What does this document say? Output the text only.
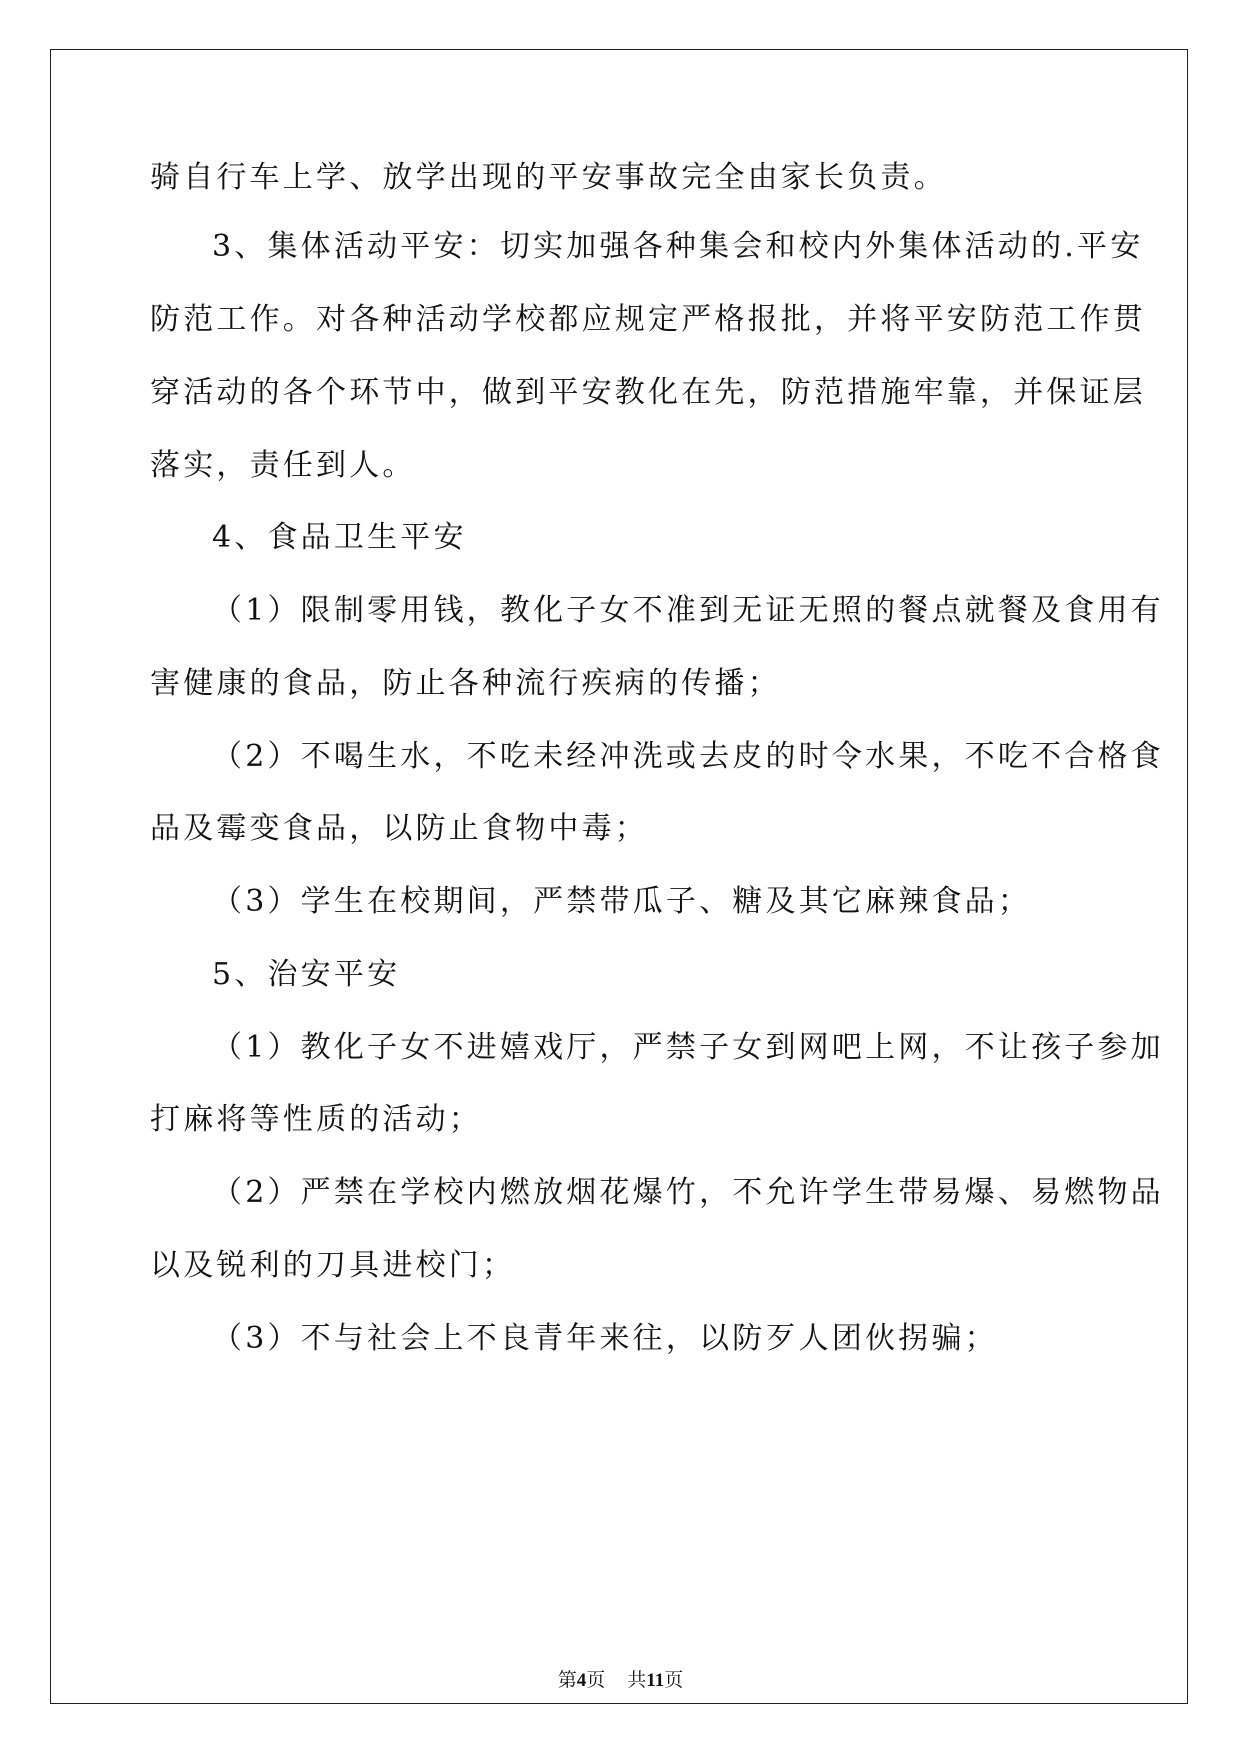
骑自行车上学、放学出现的平安事故完全由家长负责。
3、集体活动平安：切实加强各种集会和校内外集体活动的.平安
防范工作。对各种活动学校都应规定严格报批，并将平安防范工作贯
穿活动的各个环节中，做到平安教化在先，防范措施牢靠，并保证层
落实，责任到人。
4、食品卫生平安
（1）限制零用钱，教化子女不准到无证无照的餐点就餐及食用有
害健康的食品，防止各种流行疾病的传播；
（2）不喝生水，不吃未经冲洗或去皮的时令水果，不吃不合格食
品及霉变食品，以防止食物中毒；
（3）学生在校期间，严禁带瓜子、糖及其它麻辣食品；
5、治安平安
（1）教化子女不进嬉戏厅，严禁子女到网吧上网，不让孩子参加
打麻将等性质的活动；
（2）严禁在学校内燃放烟花爆竹，不允许学生带易爆、易燃物品
以及锐利的刀具进校门；
（3）不与社会上不良青年来往，以防歹人团伙拐骗；
第4页 共11页
